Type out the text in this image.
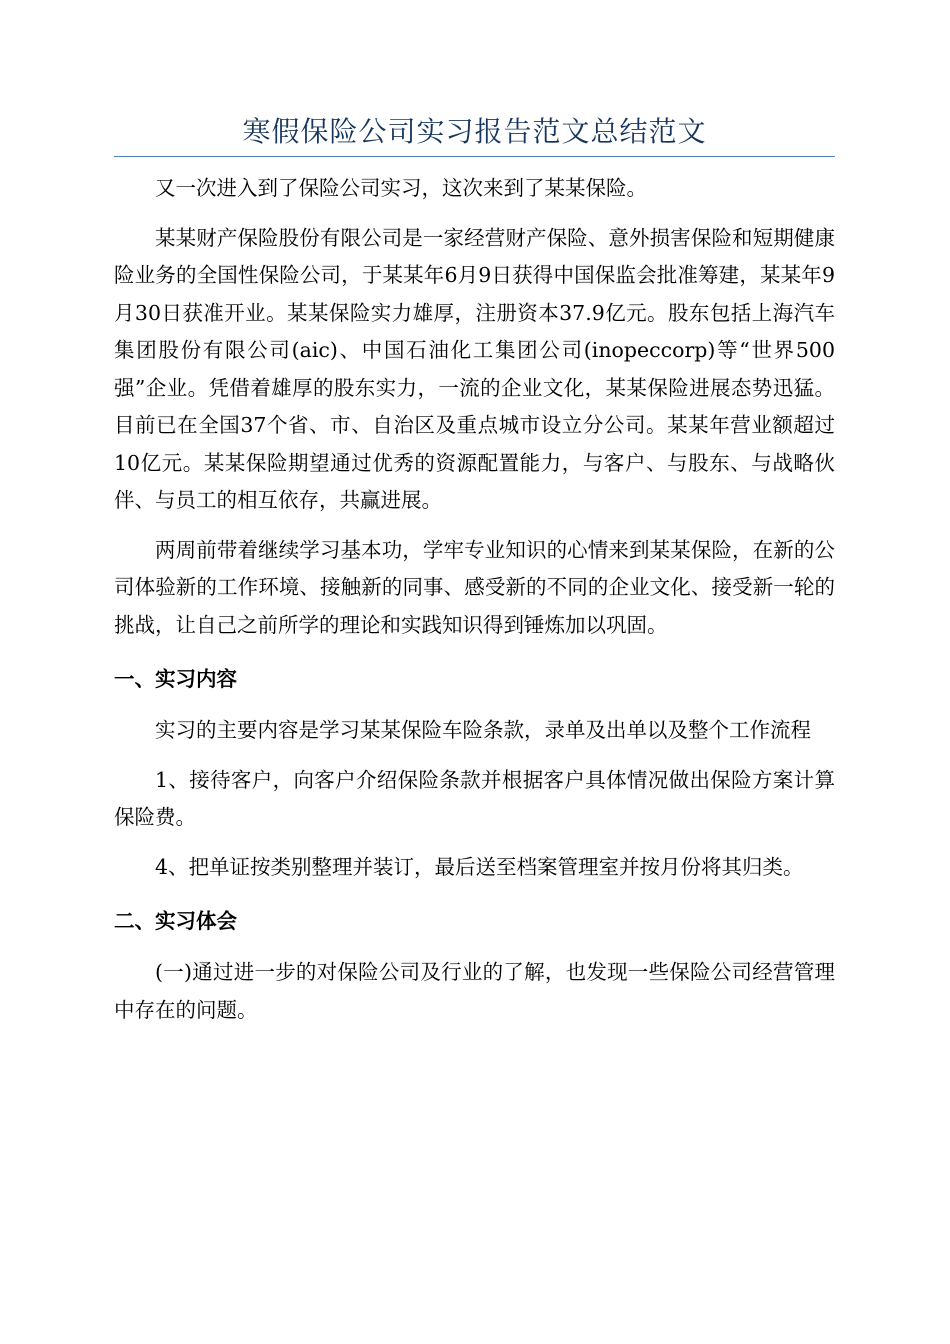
寒假保险公司实习报告范文总结范文

又一次进入到了保险公司实习，这次来到了某某保险。

某某财产保险股份有限公司是一家经营财产保险、意外损害保险和短期健康险业务的全国性保险公司，于某某年6月9日获得中国保监会批准筹建，某某年9月30日获准开业。某某保险实力雄厚，注册资本37.9亿元。股东包括上海汽车集团股份有限公司(aic)、中国石油化工集团公司(inopeccorp)等“世界500强”企业。凭借着雄厚的股东实力，一流的企业文化，某某保险进展态势迅猛。目前已在全国37个省、市、自治区及重点城市设立分公司。某某年营业额超过10亿元。某某保险期望通过优秀的资源配置能力，与客户、与股东、与战略伙伴、与员工的相互依存，共赢进展。

两周前带着继续学习基本功，学牢专业知识的心情来到某某保险，在新的公司体验新的工作环境、接触新的同事、感受新的不同的企业文化、接受新一轮的挑战，让自己之前所学的理论和实践知识得到锤炼加以巩固。

一、实习内容

实习的主要内容是学习某某保险车险条款，录单及出单以及整个工作流程

1、接待客户，向客户介绍保险条款并根据客户具体情况做出保险方案计算保险费。

4、把单证按类别整理并装订，最后送至档案管理室并按月份将其归类。

二、实习体会

(一)通过进一步的对保险公司及行业的了解，也发现一些保险公司经营管理中存在的问题。
